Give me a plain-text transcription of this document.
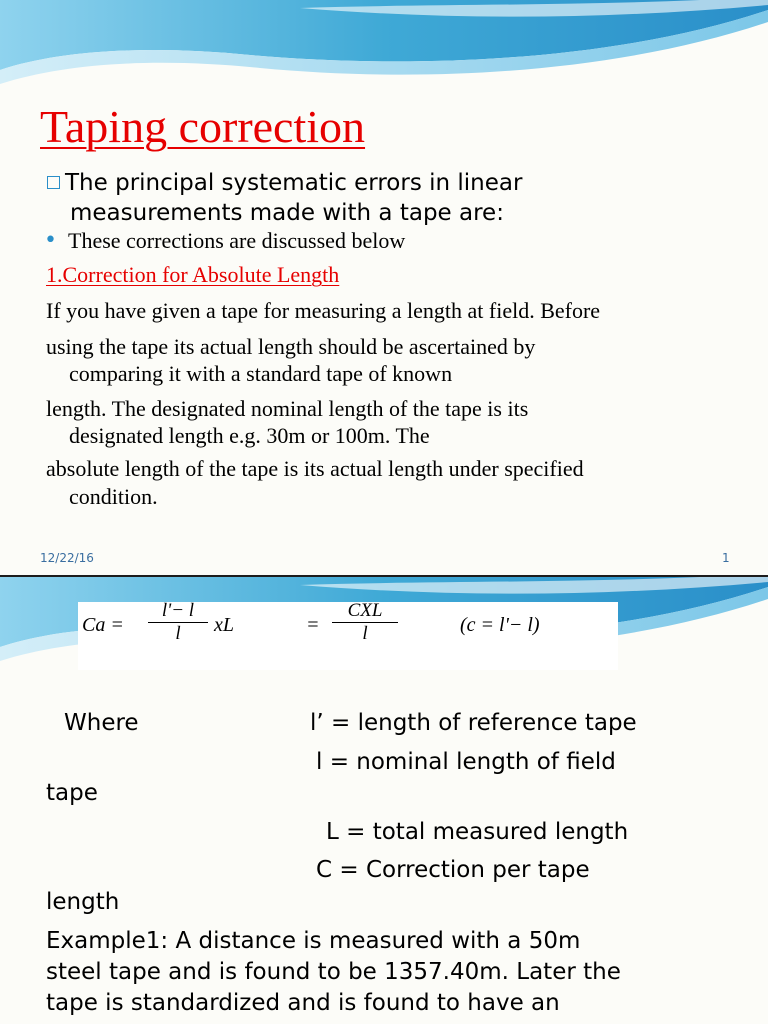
Taping correction
The principal systematic errors in linear
measurements made with a tape are:
• These corrections are discussed below
1.Correction for Absolute Length
If you have given a tape for measuring a length at field. Before
using the tape its actual length should be ascertained by
comparing it with a standard tape of known
length. The designated nominal length of the tape is its
designated length e.g. 30m or 100m. The
absolute length of the tape is its actual length under specified
condition.
12/22/16	1
$Ca = \frac{l'- l}{l}$ xL	=
CXL
l	(c = l'− l)
Where	l’ = length of reference tape
l = nominal length of field
tape
L = total measured length
C = Correction per tape
length
Example1: A distance is measured with a 50m
steel tape and is found to be 1357.40m. Later the
tape is standardized and is found to have an
